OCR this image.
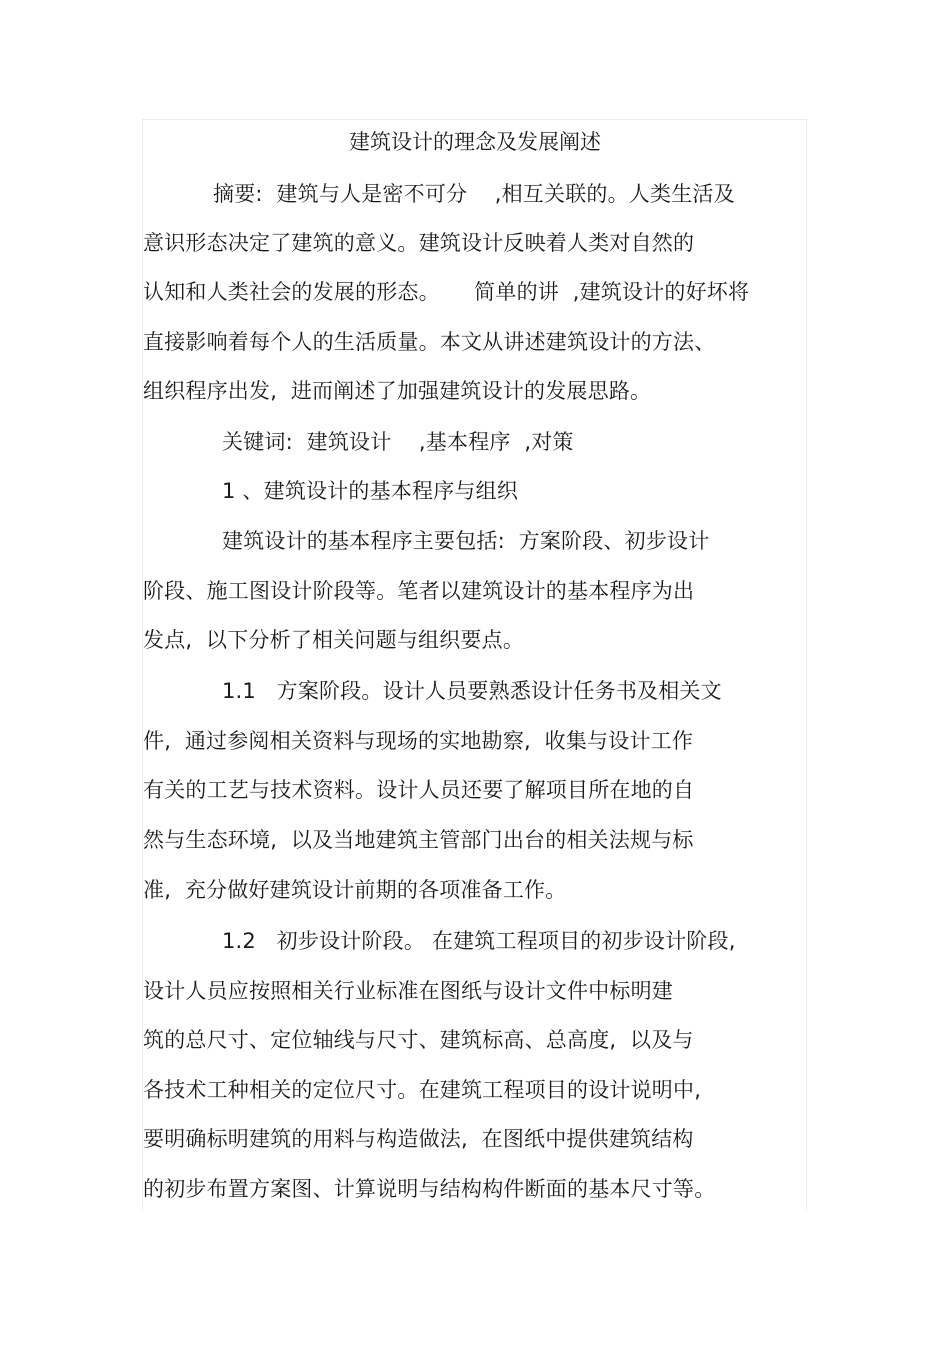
建筑设计的理念及发展阐述
摘要:  建筑与人是密不可分    ,相互关联的。人类生活及
意识形态决定了建筑的意义。建筑设计反映着人类对自然的
认知和人类社会的发展的形态。     简单的讲  ,建筑设计的好坏将
直接影响着每个人的生活质量。本文从讲述建筑设计的方法、
组织程序出发,  进而阐述了加强建筑设计的发展思路。
关键词:  建筑设计    ,基本程序  ,对策
1 、建筑设计的基本程序与组织
建筑设计的基本程序主要包括:  方案阶段、初步设计
阶段、施工图设计阶段等。笔者以建筑设计的基本程序为出
发点,  以下分析了相关问题与组织要点。
1.1   方案阶段。设计人员要熟悉设计任务书及相关文
件,  通过参阅相关资料与现场的实地勘察,  收集与设计工作
有关的工艺与技术资料。设计人员还要了解项目所在地的自
然与生态环境,  以及当地建筑主管部门出台的相关法规与标
准,  充分做好建筑设计前期的各项准备工作。
1.2   初步设计阶段。 在建筑工程项目的初步设计阶段,
设计人员应按照相关行业标准在图纸与设计文件中标明建
筑的总尺寸、定位轴线与尺寸、建筑标高、总高度,  以及与
各技术工种相关的定位尺寸。在建筑工程项目的设计说明中,
要明确标明建筑的用料与构造做法,  在图纸中提供建筑结构
的初步布置方案图、计算说明与结构构件断面的基本尺寸等。
